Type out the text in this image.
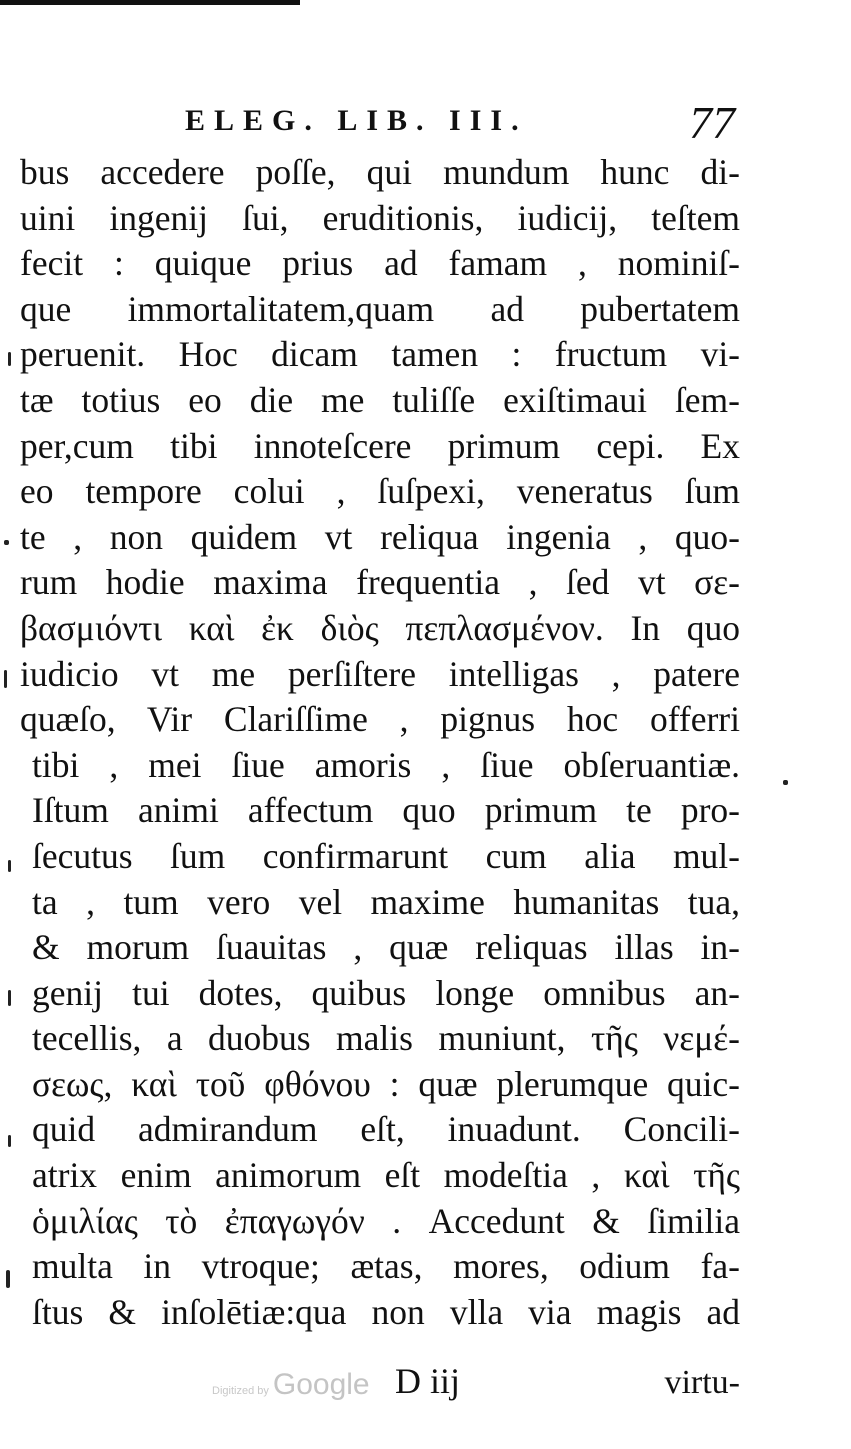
ELEG. LIB. III.	77
bus accedere poſſe, qui mundum hunc di-
uini ingenij ſui, eruditionis, iudicij, teſtem
fecit : quique prius ad famam , nominiſ-
que immortalitatem,quam ad pubertatem
peruenit. Hoc dicam tamen : fructum vi-
tæ totius eo die me tuliſſe exiſtimaui ſem-
per,cum tibi innoteſcere primum cepi. Ex
eo tempore colui , ſuſpexi, veneratus ſum
te , non quidem vt reliqua ingenia , quo-
rum hodie maxima frequentia , ſed vt σε-
βασμιόντι καὶ ἐκ διὸς πεπλασμένον. In quo
iudicio vt me perſiſtere intelligas , patere
quæſo, Vir Clariſſime , pignus hoc offerri
tibi , mei ſiue amoris , ſiue obſeruantiæ.
Iſtum animi affectum quo primum te pro-
ſecutus ſum confirmarunt cum alia mul-
ta , tum vero vel maxime humanitas tua,
& morum ſuauitas , quæ reliquas illas in-
genij tui dotes, quibus longe omnibus an-
tecellis, a duobus malis muniunt, τῆς νεμέ-
σεως, καὶ τοῦ φθόνου : quæ plerumque quic-
quid admirandum eſt, inuadunt. Concili-
atrix enim animorum eſt modeſtia , καὶ τῆς
ὁμιλίας τὸ ἐπαγωγόν . Accedunt & ſimilia
multa in vtroque; ætas, mores, odium fa-
ſtus & inſolētiæ:qua non vlla via magis ad
Digitized by Google D iij	virtu-
